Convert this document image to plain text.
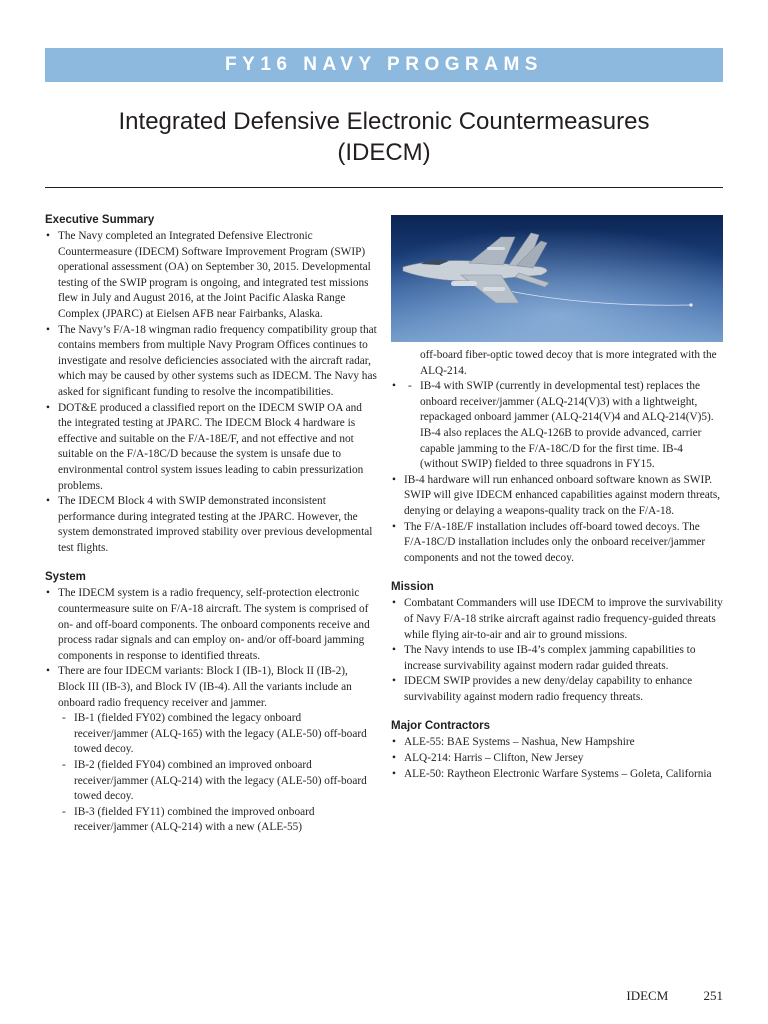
FY16 NAVY PROGRAMS
Integrated Defensive Electronic Countermeasures
(IDECM)
Executive Summary
• The Navy completed an Integrated Defensive Electronic Countermeasure (IDECM) Software Improvement Program (SWIP) operational assessment (OA) on September 30, 2015. Developmental testing of the SWIP program is ongoing, and integrated test missions flew in July and August 2016, at the Joint Pacific Alaska Range Complex (JPARC) at Eielsen AFB near Fairbanks, Alaska.
• The Navy’s F/A-18 wingman radio frequency compatibility group that contains members from multiple Navy Program Offices continues to investigate and resolve deficiencies associated with the aircraft radar, which may be caused by other systems such as IDECM. The Navy has asked for significant funding to resolve the incompatibilities.
• DOT&E produced a classified report on the IDECM SWIP OA and the integrated testing at JPARC. The IDECM Block 4 hardware is effective and suitable on the F/A-18E/F, and not effective and not suitable on the F/A-18C/D because the system is unsafe due to environmental control system issues leading to cabin pressurization problems.
• The IDECM Block 4 with SWIP demonstrated inconsistent performance during integrated testing at the JPARC. However, the system demonstrated improved stability over previous developmental test flights.
System
• The IDECM system is a radio frequency, self-protection electronic countermeasure suite on F/A-18 aircraft. The system is comprised of on- and off-board components. The onboard components receive and process radar signals and can employ on- and/or off-board jamming components in response to identified threats.
• There are four IDECM variants: Block I (IB-1), Block II (IB-2), Block III (IB-3), and Block IV (IB-4). All the variants include an onboard radio frequency receiver and jammer.
- IB-1 (fielded FY02) combined the legacy onboard receiver/jammer (ALQ-165) with the legacy (ALE-50) off-board towed decoy.
- IB-2 (fielded FY04) combined an improved onboard receiver/jammer (ALQ-214) with the legacy (ALE-50) off-board towed decoy.
- IB-3 (fielded FY11) combined the improved onboard receiver/jammer (ALQ-214) with a new (ALE-55)
off-board fiber-optic towed decoy that is more integrated with the ALQ-214.
- • IB-4 with SWIP (currently in developmental test) replaces the onboard receiver/jammer (ALQ-214(V)3) with a lightweight, repackaged onboard jammer (ALQ-214(V)4 and ALQ-214(V)5). IB-4 also replaces the ALQ-126B to provide advanced, carrier capable jamming to the F/A-18C/D for the first time. IB-4 (without SWIP) fielded to three squadrons in FY15.
• IB-4 hardware will run enhanced onboard software known as SWIP. SWIP will give IDECM enhanced capabilities against modern threats, denying or delaying a weapons-quality track on the F/A-18.
• The F/A-18E/F installation includes off-board towed decoys. The F/A-18C/D installation includes only the onboard receiver/jammer components and not the towed decoy.
Mission
• Combatant Commanders will use IDECM to improve the survivability of Navy F/A-18 strike aircraft against radio frequency-guided threats while flying air-to-air and air to ground missions.
• The Navy intends to use IB-4’s complex jamming capabilities to increase survivability against modern radar guided threats.
• IDECM SWIP provides a new deny/delay capability to enhance survivability against modern radio frequency threats.
Major Contractors
• ALE-55: BAE Systems – Nashua, New Hampshire
• ALQ-214: Harris – Clifton, New Jersey
• ALE-50: Raytheon Electronic Warfare Systems – Goleta, California
IDECM	251
